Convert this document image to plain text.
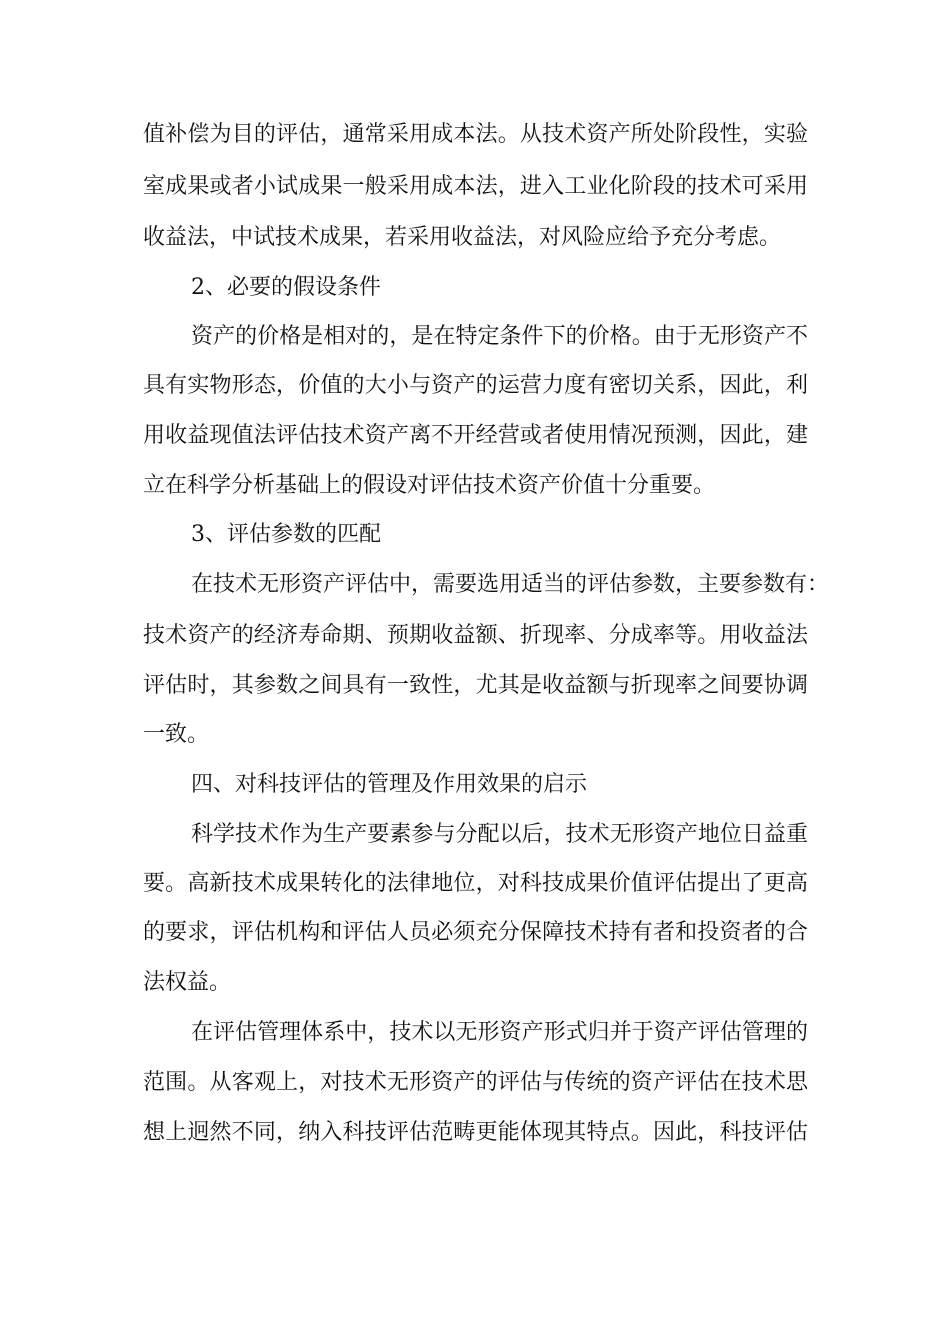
值补偿为目的评估，通常采用成本法。从技术资产所处阶段性，实验
室成果或者小试成果一般采用成本法，进入工业化阶段的技术可采用
收益法，中试技术成果，若采用收益法，对风险应给予充分考虑。
2、必要的假设条件
资产的价格是相对的，是在特定条件下的价格。由于无形资产不
具有实物形态，价值的大小与资产的运营力度有密切关系，因此，利
用收益现值法评估技术资产离不开经营或者使用情况预测，因此，建
立在科学分析基础上的假设对评估技术资产价值十分重要。
3、评估参数的匹配
在技术无形资产评估中，需要选用适当的评估参数，主要参数有：
技术资产的经济寿命期、预期收益额、折现率、分成率等。用收益法
评估时，其参数之间具有一致性，尤其是收益额与折现率之间要协调
一致。
四、对科技评估的管理及作用效果的启示
科学技术作为生产要素参与分配以后，技术无形资产地位日益重
要。高新技术成果转化的法律地位，对科技成果价值评估提出了更高
的要求，评估机构和评估人员必须充分保障技术持有者和投资者的合
法权益。
在评估管理体系中，技术以无形资产形式归并于资产评估管理的
范围。从客观上，对技术无形资产的评估与传统的资产评估在技术思
想上迥然不同，纳入科技评估范畴更能体现其特点。因此，科技评估
